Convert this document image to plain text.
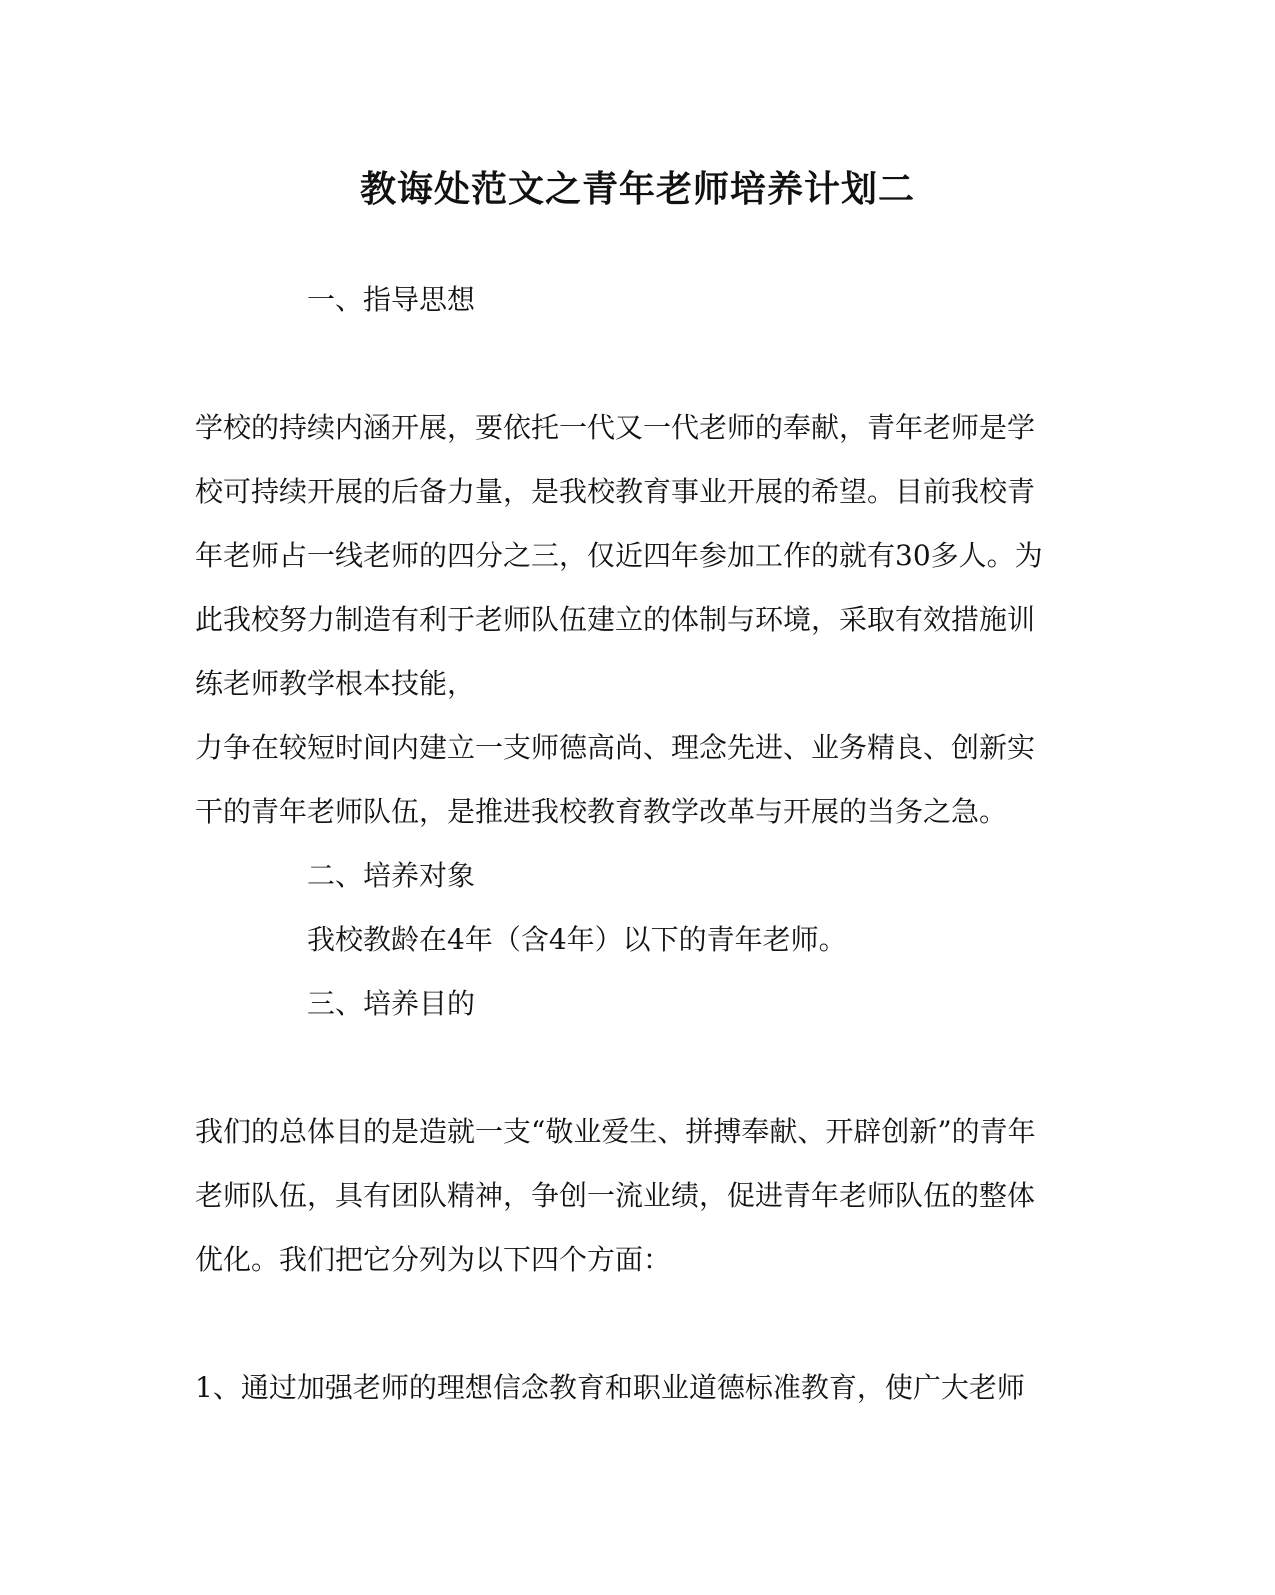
教诲处范文之青年老师培养计划二

一、指导思想

学校的持续内涵开展，要依托一代又一代老师的奉献，青年老师是学

校可持续开展的后备力量，是我校教育事业开展的希望。目前我校青

年老师占一线老师的四分之三，仅近四年参加工作的就有30多人。为

此我校努力制造有利于老师队伍建立的体制与环境，采取有效措施训

练老师教学根本技能，

力争在较短时间内建立一支师德高尚、理念先进、业务精良、创新实

干的青年老师队伍，是推进我校教育教学改革与开展的当务之急。

二、培养对象

我校教龄在4年（含4年）以下的青年老师。

三、培养目的

我们的总体目的是造就一支“敬业爱生、拼搏奉献、开辟创新”的青年

老师队伍，具有团队精神，争创一流业绩，促进青年老师队伍的整体

优化。我们把它分列为以下四个方面：

1、通过加强老师的理想信念教育和职业道德标准教育，使广大老师
